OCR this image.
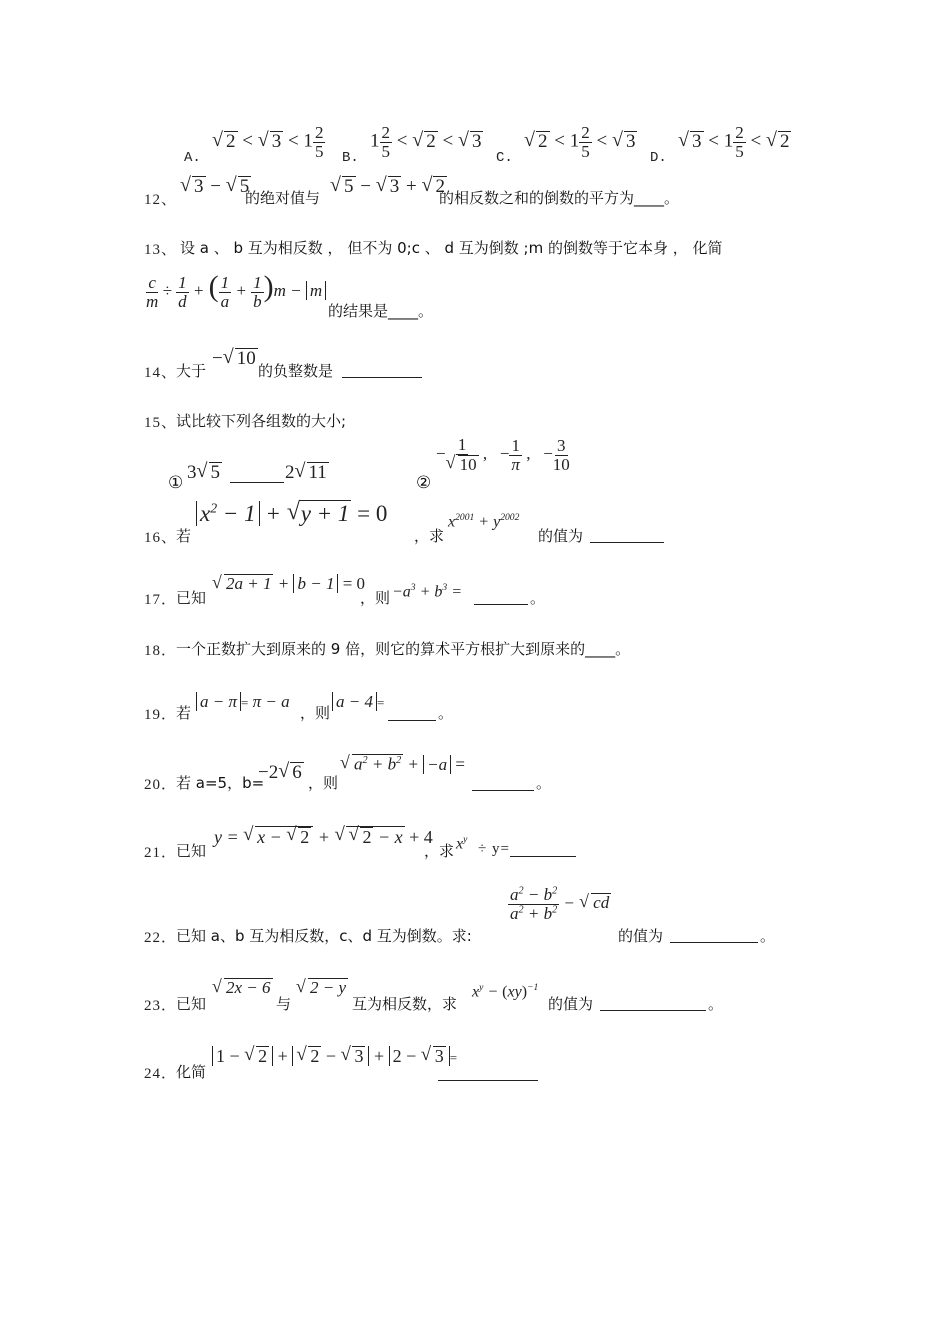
A.
√ 2 < √ $3 < 1 \frac{2}{5} B$.
$1 \frac{2}{5}$ < √ 2 < √ 3
C.
√ $2 < 1 \frac{2}{5}$ < √ 3
D.
√ $3 < 1 \frac{2}{5}$ < √ 2
12、
√ 3 − √ 5
的绝对值与
√ 5 − √ 3 + √ 2
的相反数之和的倒数的平方为____。
13、 设 a 、 b 互为相反数 ， 但不为 0;c 、 d 互为倒数 ;m 的倒数等于它本身 ， 化简
$\frac{c}{m} \div \frac{1}{d}$ + ( $\frac{1}{a} + \frac{1}{b} )m - m$
的结果是____。
14、
大于
− √ 10
的负整数是
15、
试比较下列各组数的大小;
① 3 √ 5	2 √ 11	②
− 1
√ 10 ,   − $\frac{1}{\pi}$ ,   − $\frac{3}{10}$
16、
若
$x^2 - 1$ + √ y + 1 = 0
，求
$x^{2001} + y^{2002}$
的值为
17．
已知
√ 2a + 1 + b − 1 = 0
，则 $-a^3 + b^3$ =	。
18．
一个正数扩大到原来的 9 倍，则它的算术平方根扩大到原来的____。
19．
若
a − π = π − a
，则
a − 4 =
。
20．
若 a=5，b=
−2 √ 6 ，则
√ $a^2 + b^2 + -a$ =
。
21．
已知
y = √ x − √ 2 + √ √ 2 − x + 4
，求 $x^y$
÷ y=
22．
已知 a、b 互为相反数，c、d 互为倒数。求:
$\frac{a^2 - b^2}{a^2 + b^2}$ − √ cd
的值为	。
23．
已知
√ 2x − 6
与
√ 2 − y
互为相反数，求
$x^y - (xy)^{-1}$
的值为	。
24．
化简
1 − √ 2 + √ 2 − √ 3 + 2 − √ 3 =
